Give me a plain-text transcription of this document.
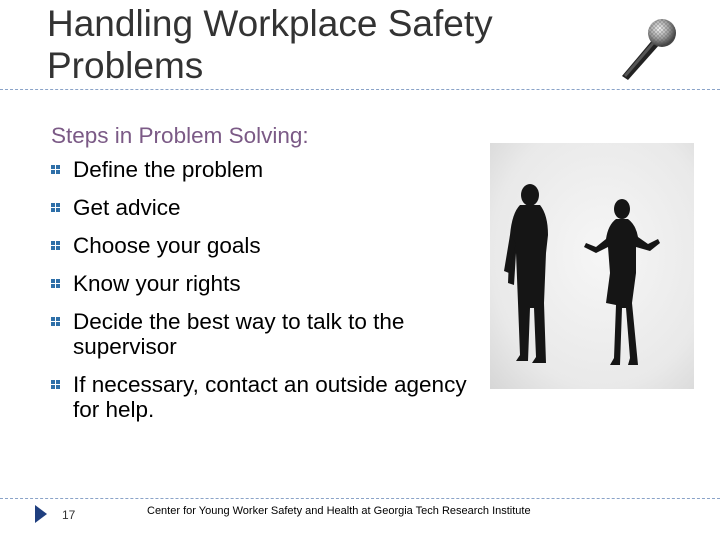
Handling Workplace Safety Problems
Steps in Problem Solving:
Define the problem
Get advice
Choose your goals
Know your rights
Decide the best way to talk to the supervisor
If necessary, contact an outside agency for help.
17	Center for Young Worker Safety and Health at Georgia Tech Research Institute
